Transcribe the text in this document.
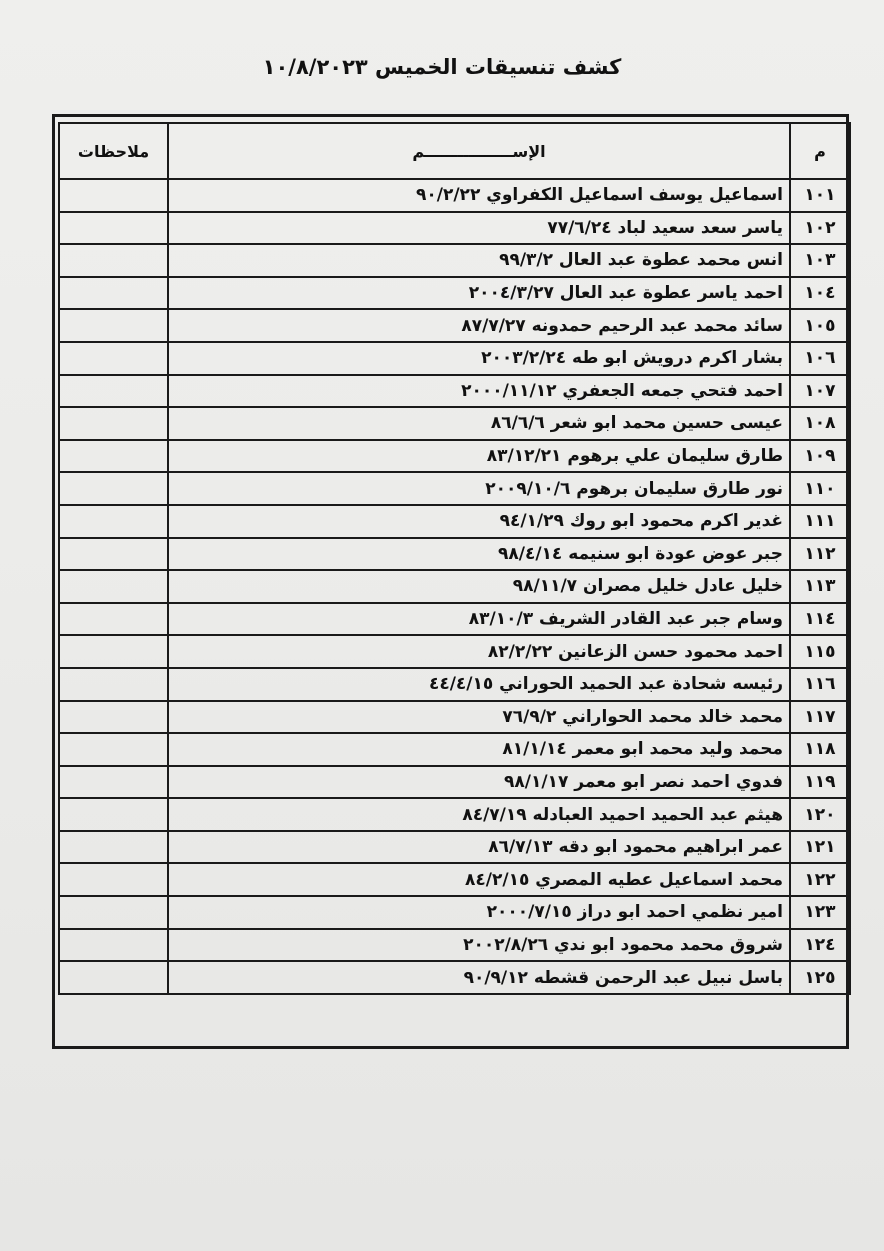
كشف تنسيقات الخميس ١٠/٨/٢٠٢٣
م	الإســــــــــــــــم	ملاحظات
١٠١	اسماعيل يوسف اسماعيل الكفراوي ٩٠/٢/٢٢	
١٠٢	ياسر سعد سعيد لباد ٧٧/٦/٢٤	
١٠٣	انس محمد عطوة عبد العال ٩٩/٣/٢	
١٠٤	احمد ياسر عطوة عبد العال ٢٠٠٤/٣/٢٧	
١٠٥	سائد محمد عبد الرحيم حمدونه ٨٧/٧/٢٧	
١٠٦	بشار اكرم درويش ابو طه ٢٠٠٣/٢/٢٤	
١٠٧	احمد فتحي جمعه الجعفري ٢٠٠٠/١١/١٢	
١٠٨	عيسى حسين محمد ابو شعر ٨٦/٦/٦	
١٠٩	طارق سليمان علي برهوم ٨٣/١٢/٢١	
١١٠	نور طارق سليمان برهوم ٢٠٠٩/١٠/٦	
١١١	غدير اكرم محمود ابو روك ٩٤/١/٢٩	
١١٢	جبر عوض عودة ابو سنيمه ٩٨/٤/١٤	
١١٣	خليل عادل خليل مصران ٩٨/١١/٧	
١١٤	وسام جبر عبد القادر الشريف ٨٣/١٠/٣	
١١٥	احمد محمود حسن الزعانين ٨٢/٢/٢٢	
١١٦	رئيسه شحادة عبد الحميد الحوراني ٤٤/٤/١٥	
١١٧	محمد خالد محمد الحواراني ٧٦/٩/٢	
١١٨	محمد وليد محمد ابو معمر ٨١/١/١٤	
١١٩	فدوي احمد نصر ابو معمر ٩٨/١/١٧	
١٢٠	هيثم عبد الحميد احميد العبادله ٨٤/٧/١٩	
١٢١	عمر ابراهيم محمود ابو دقه ٨٦/٧/١٣	
١٢٢	محمد اسماعيل عطيه المصري ٨٤/٢/١٥	
١٢٣	امير نظمي احمد ابو دراز ٢٠٠٠/٧/١٥	
١٢٤	شروق محمد محمود ابو ندي ٢٠٠٢/٨/٢٦	
١٢٥	باسل نبيل عبد الرحمن قشطه ٩٠/٩/١٢	
